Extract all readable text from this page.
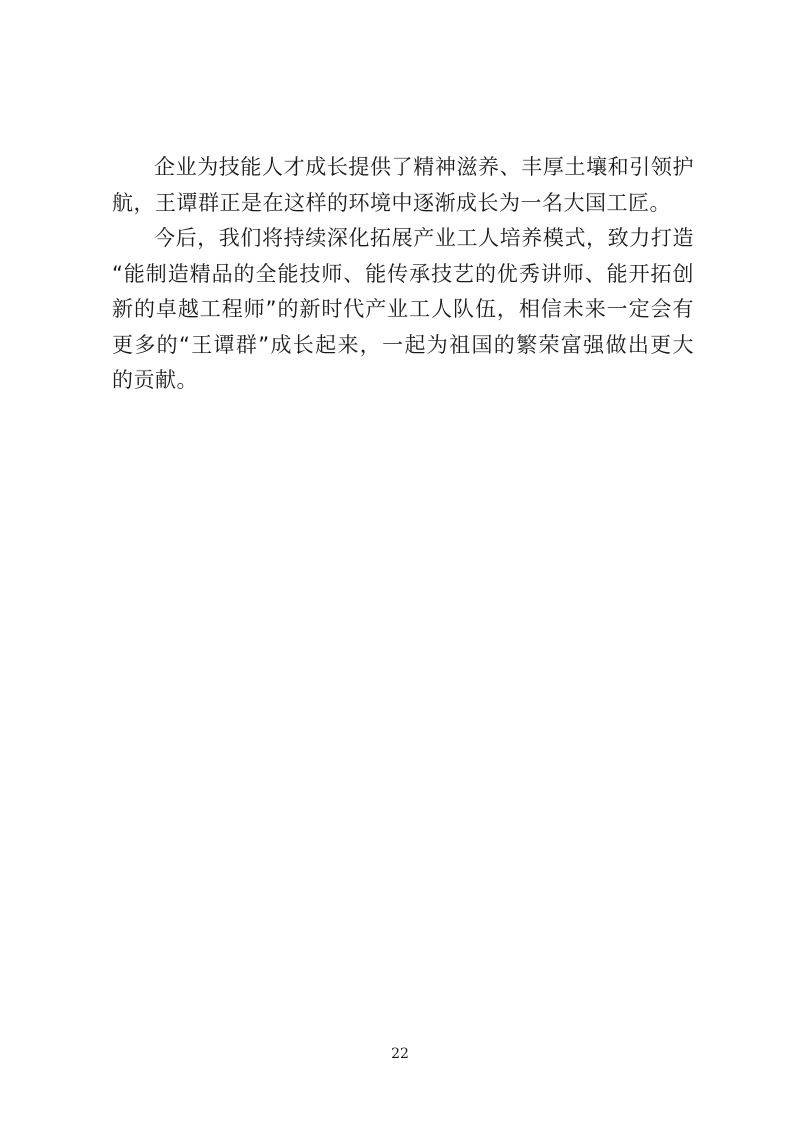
企业为技能人才成长提供了精神滋养、丰厚土壤和引领护
航，王谭群正是在这样的环境中逐渐成长为一名大国工匠。
今后，我们将持续深化拓展产业工人培养模式，致力打造
“能制造精品的全能技师、能传承技艺的优秀讲师、能开拓创
新的卓越工程师”的新时代产业工人队伍，相信未来一定会有
更多的“王谭群”成长起来，一起为祖国的繁荣富强做出更大
的贡献。
22
